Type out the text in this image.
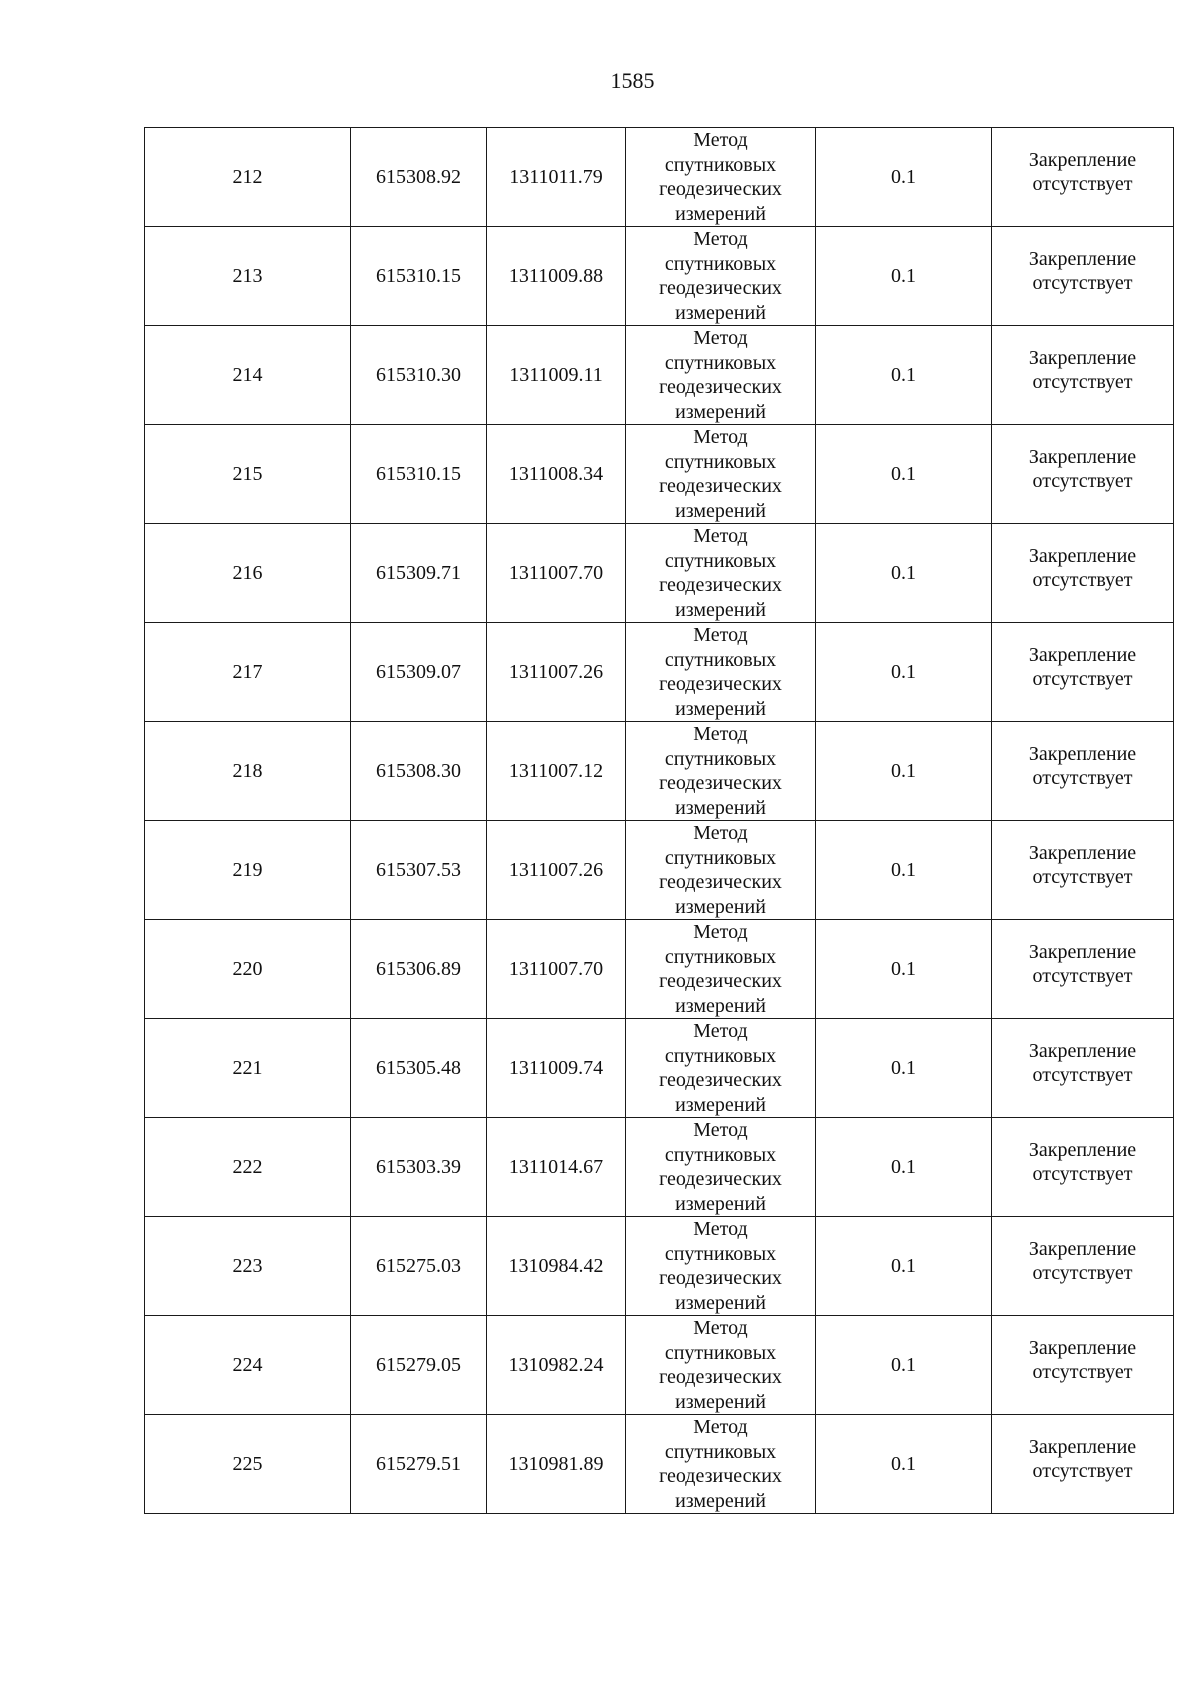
1585
212	615308.92	1311011.79	Метод
спутниковых
геодезических
измерений	0.1	Закрепление
отсутствует

213	615310.15	1311009.88	Метод
спутниковых
геодезических
измерений	0.1	Закрепление
отсутствует

214	615310.30	1311009.11	Метод
спутниковых
геодезических
измерений	0.1	Закрепление
отсутствует

215	615310.15	1311008.34	Метод
спутниковых
геодезических
измерений	0.1	Закрепление
отсутствует

216	615309.71	1311007.70	Метод
спутниковых
геодезических
измерений	0.1	Закрепление
отсутствует

217	615309.07	1311007.26	Метод
спутниковых
геодезических
измерений	0.1	Закрепление
отсутствует

218	615308.30	1311007.12	Метод
спутниковых
геодезических
измерений	0.1	Закрепление
отсутствует

219	615307.53	1311007.26	Метод
спутниковых
геодезических
измерений	0.1	Закрепление
отсутствует

220	615306.89	1311007.70	Метод
спутниковых
геодезических
измерений	0.1	Закрепление
отсутствует

221	615305.48	1311009.74	Метод
спутниковых
геодезических
измерений	0.1	Закрепление
отсутствует

222	615303.39	1311014.67	Метод
спутниковых
геодезических
измерений	0.1	Закрепление
отсутствует

223	615275.03	1310984.42	Метод
спутниковых
геодезических
измерений	0.1	Закрепление
отсутствует

224	615279.05	1310982.24	Метод
спутниковых
геодезических
измерений	0.1	Закрепление
отсутствует

225	615279.51	1310981.89	Метод
спутниковых
геодезических
измерений	0.1	Закрепление
отсутствует
